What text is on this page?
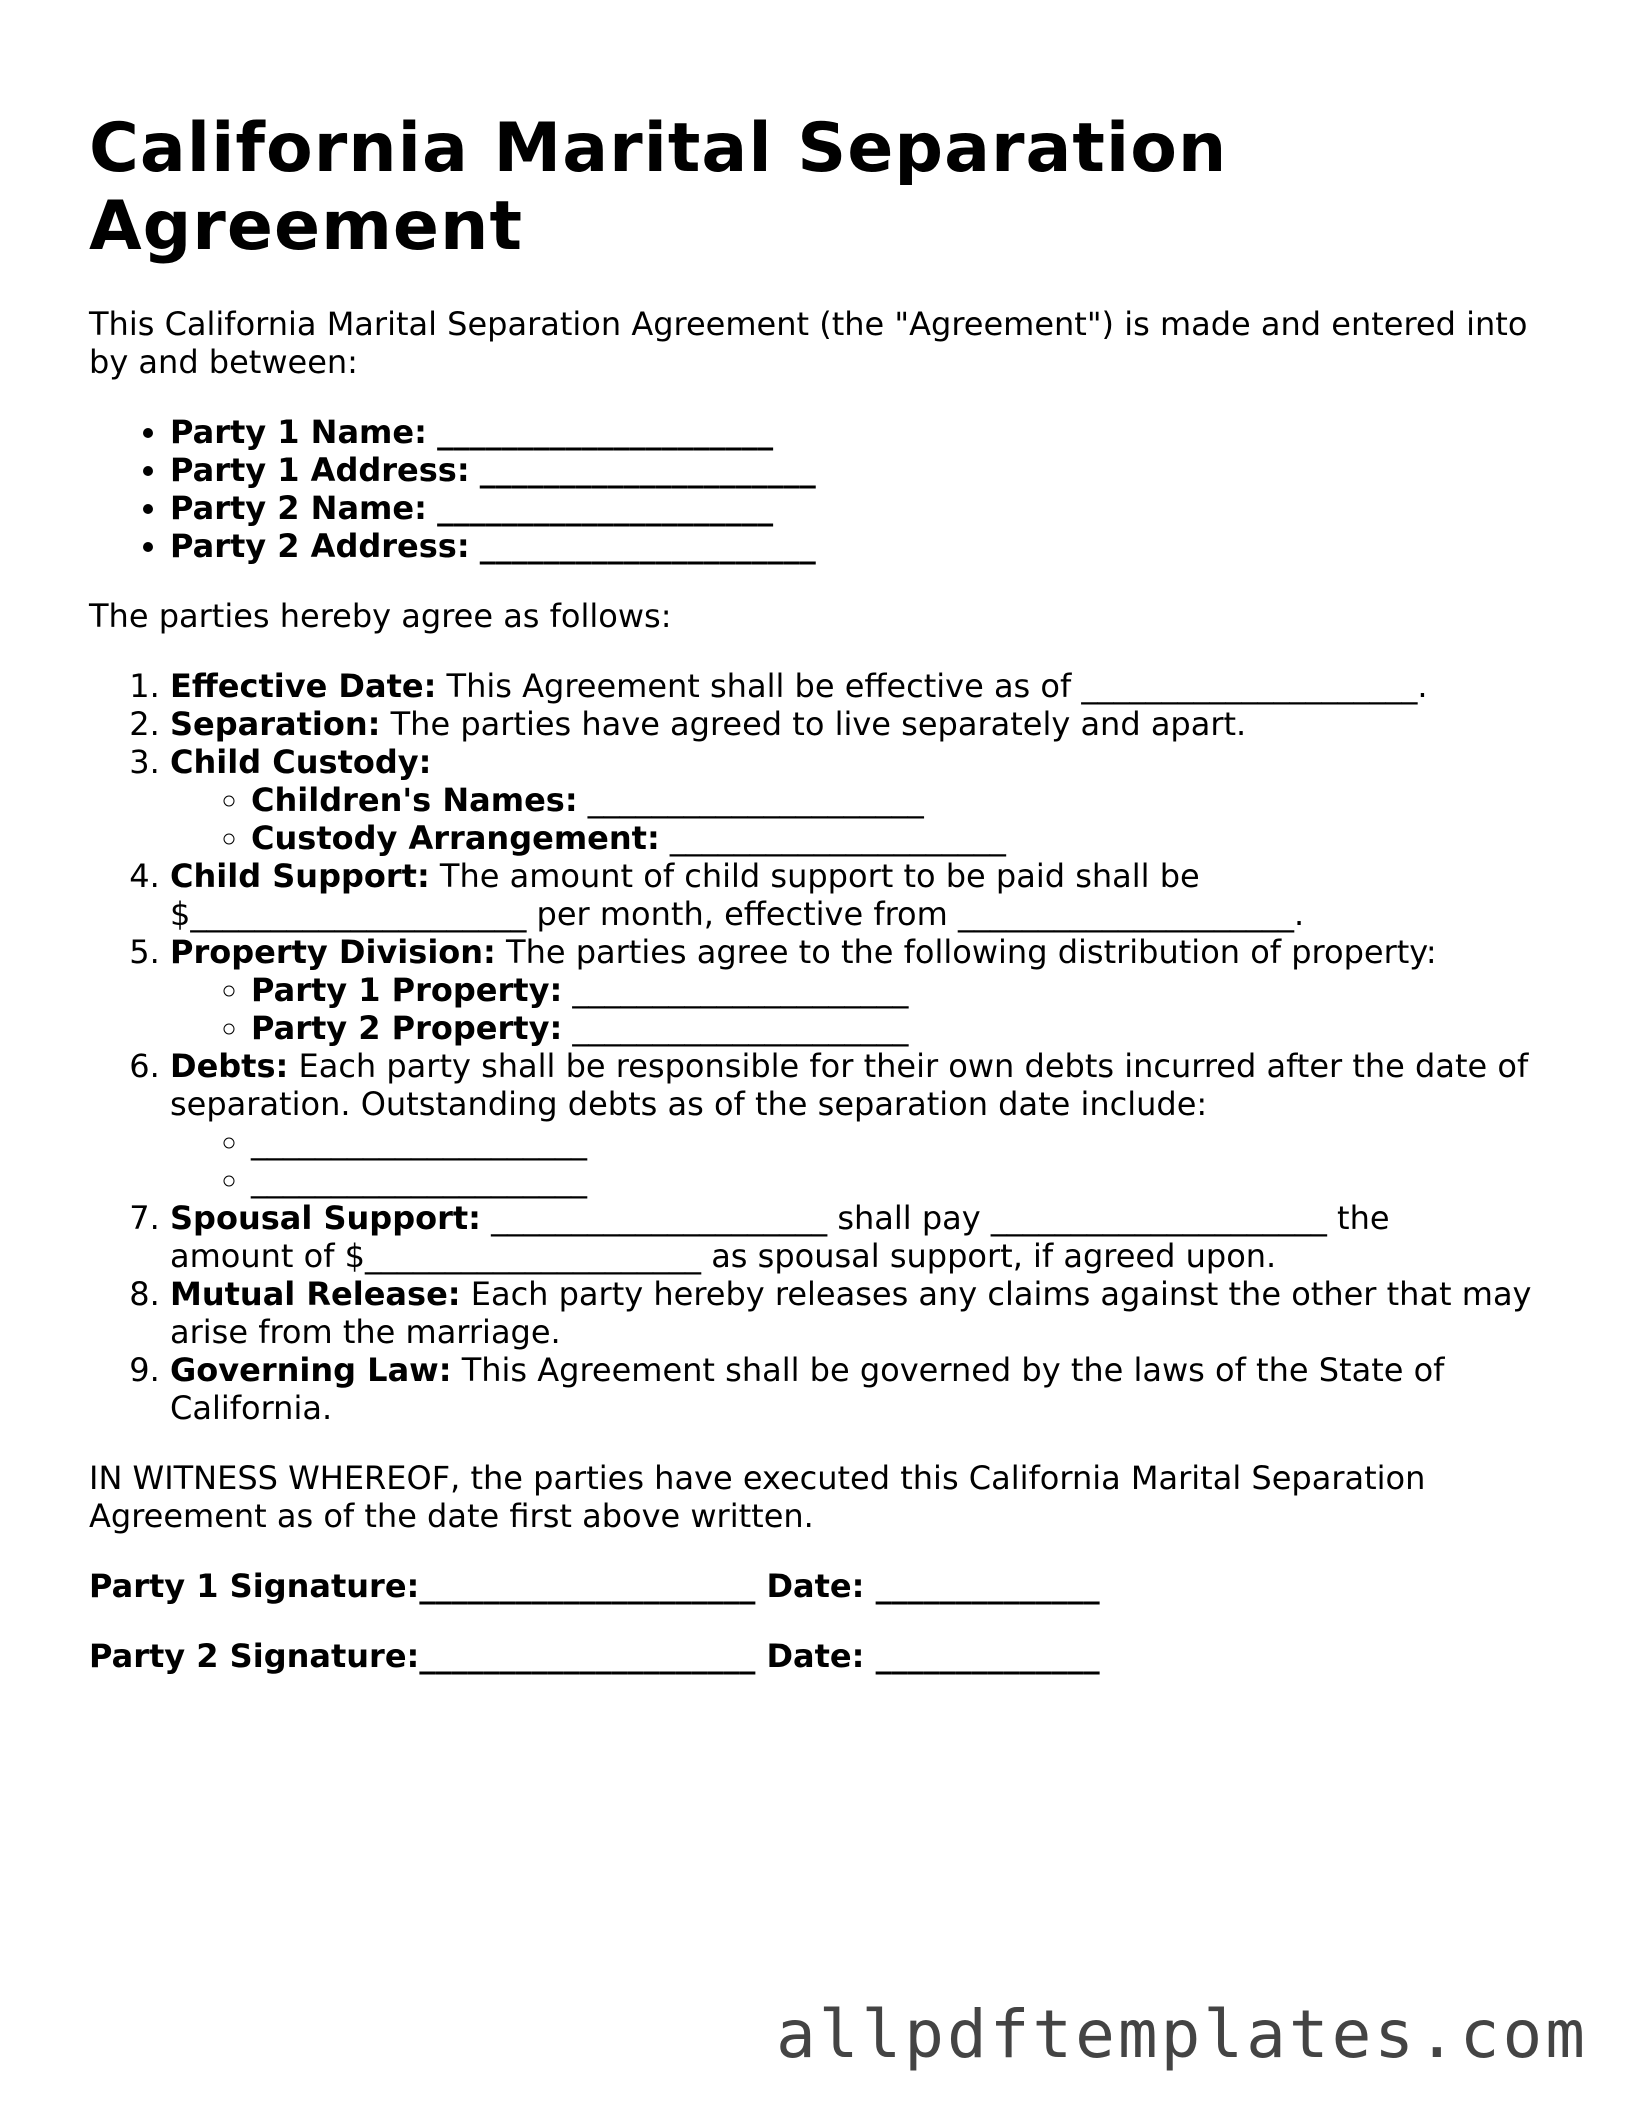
California Marital Separation Agreement

This California Marital Separation Agreement (the "Agreement") is made and entered into by and between:

• Party 1 Name: _____________________
• Party 1 Address: _____________________
• Party 2 Name: _____________________
• Party 2 Address: _____________________

The parties hereby agree as follows:

1. Effective Date: This Agreement shall be effective as of _____________________.
2. Separation: The parties have agreed to live separately and apart.
3. Child Custody:
◦ Children's Names: _____________________
◦ Custody Arrangement: _____________________
4. Child Support: The amount of child support to be paid shall be
$_____________________ per month, effective from _____________________.
5. Property Division: The parties agree to the following distribution of property:
◦ Party 1 Property: _____________________
◦ Party 2 Property: _____________________
6. Debts: Each party shall be responsible for their own debts incurred after the date of separation. Outstanding debts as of the separation date include:
◦ _____________________
◦ _____________________
7. Spousal Support: _____________________ shall pay _____________________ the
amount of $_____________________ as spousal support, if agreed upon.
8. Mutual Release: Each party hereby releases any claims against the other that may arise from the marriage.
9. Governing Law: This Agreement shall be governed by the laws of the State of California.

IN WITNESS WHEREOF, the parties have executed this California Marital Separation Agreement as of the date first above written.

Party 1 Signature:_____________________ Date: ______________

Party 2 Signature:_____________________ Date: ______________

allpdftemplates.com
